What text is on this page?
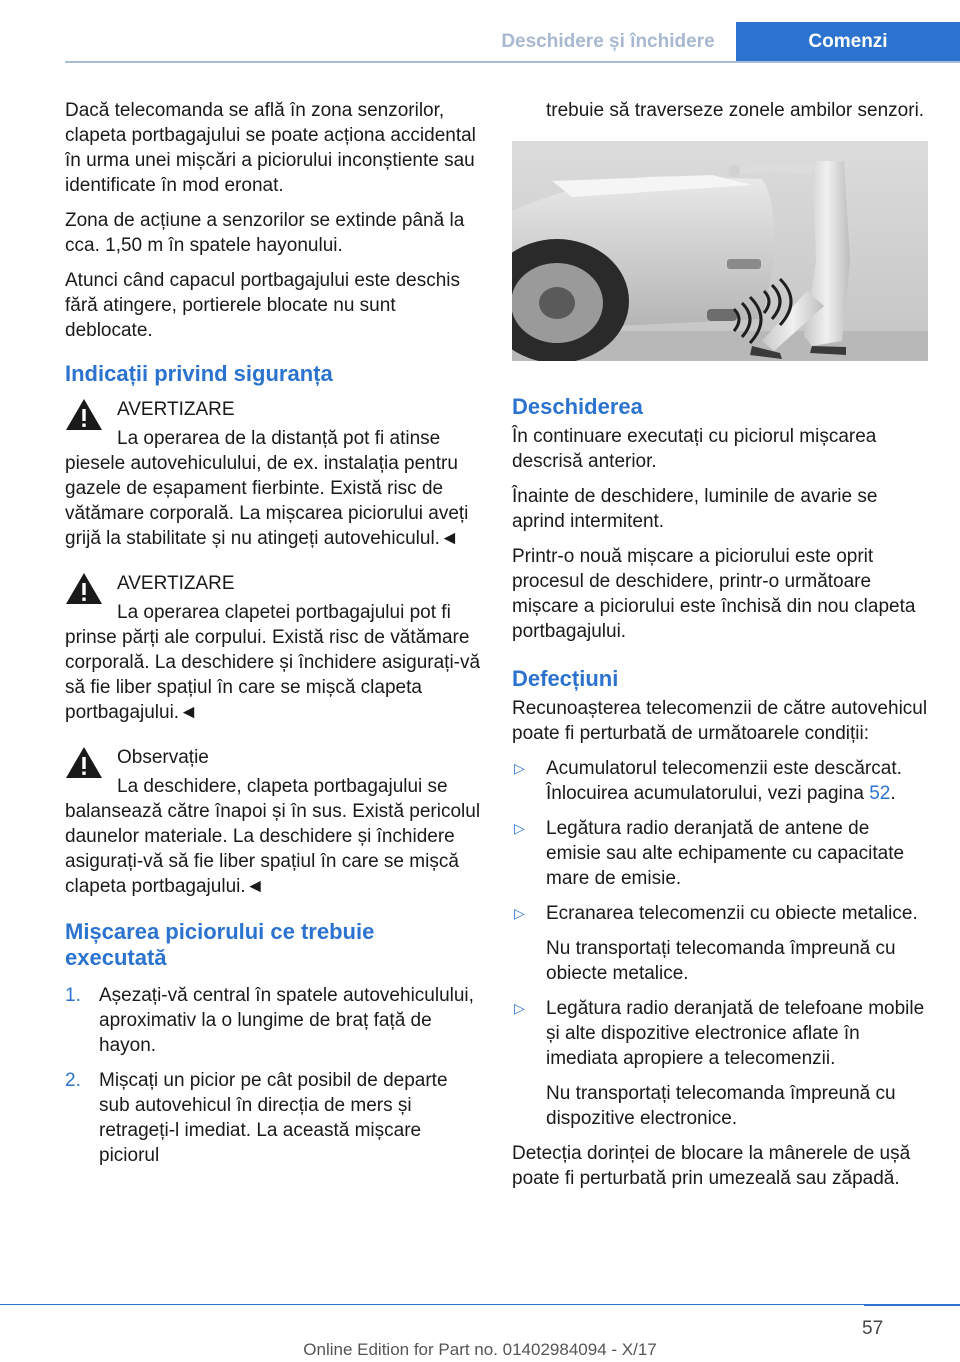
Deschidere și închidere	Comenzi

Dacă telecomanda se află în zona senzorilor, clapeta portbagajului se poate acționa accidental în urma unei mișcări a piciorului inconștiente sau identificate în mod eronat.

Zona de acțiune a senzorilor se extinde până la cca. 1,50 m în spatele hayonului.

Atunci când capacul portbagajului este deschis fără atingere, portierele blocate nu sunt deblocate.

Indicații privind siguranța

AVERTIZARE

La operarea de la distanță pot fi atinse piesele autovehiculului, de ex. instalația pentru gazele de eșapament fierbinte. Există risc de vătămare corporală. La mișcarea piciorului aveți grijă la stabilitate și nu atingeți autovehiculul.◄

AVERTIZARE

La operarea clapetei portbagajului pot fi prinse părți ale corpului. Există risc de vătămare corporală. La deschidere și închidere asigurați-vă să fie liber spațiul în care se mișcă clapeta portbagajului.◄

Observație

La deschidere, clapeta portbagajului se balansează către înapoi și în sus. Există pericolul daunelor materiale. La deschidere și închidere asigurați-vă să fie liber spațiul în care se mișcă clapeta portbagajului.◄

Mișcarea piciorului ce trebuie executată
1. Așezați-vă central în spatele autovehiculului, aproximativ la o lungime de braț față de hayon.
2. Mișcați un picior pe cât posibil de departe sub autovehicul în direcția de mers și retrageți-l imediat. La această mișcare piciorul

trebuie să traverseze zonele ambilor senzori.

Deschiderea

În continuare executați cu piciorul mișcarea descrisă anterior.

Înainte de deschidere, luminile de avarie se aprind intermitent.

Printr-o nouă mișcare a piciorului este oprit procesul de deschidere, printr-o următoare mișcare a piciorului este închisă din nou clapeta portbagajului.

Defecțiuni

Recunoașterea telecomenzii de către autovehicul poate fi perturbată de următoarele condiții:

▷ Acumulatorul telecomenzii este descărcat. Înlocuirea acumulatorului, vezi pagina 52.
▷ Legătura radio deranjată de antene de emisie sau alte echipamente cu capacitate mare de emisie.
▷ Ecranarea telecomenzii cu obiecte metalice.

Nu transportați telecomanda împreună cu obiecte metalice.

▷ Legătura radio deranjată de telefoane mobile și alte dispozitive electronice aflate în imediata apropiere a telecomenzii.

Nu transportați telecomanda împreună cu dispozitive electronice.

Detecția dorinței de blocare la mânerele de ușă poate fi perturbată prin umezeală sau zăpadă.

57
Online Edition for Part no. 01402984094 - X/17
